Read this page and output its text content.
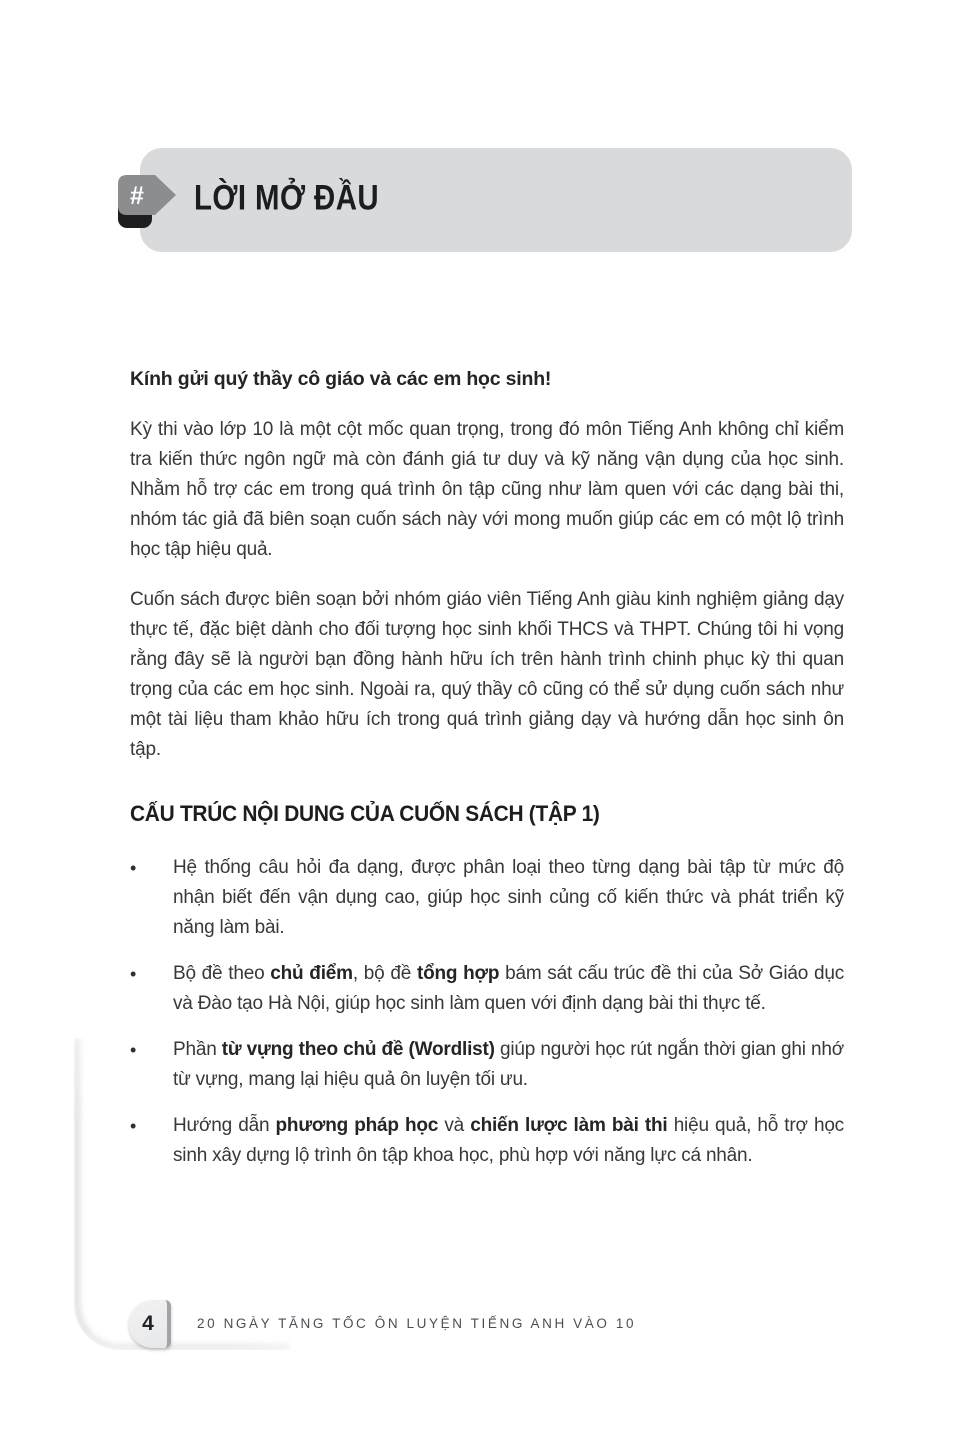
# LỜI MỞ ĐẦU
Kính gửi quý thầy cô giáo và các em học sinh!

Kỳ thi vào lớp 10 là một cột mốc quan trọng, trong đó môn Tiếng Anh không chỉ kiểm tra kiến thức ngôn ngữ mà còn đánh giá tư duy và kỹ năng vận dụng của học sinh. Nhằm hỗ trợ các em trong quá trình ôn tập cũng như làm quen với các dạng bài thi, nhóm tác giả đã biên soạn cuốn sách này với mong muốn giúp các em có một lộ trình học tập hiệu quả.

Cuốn sách được biên soạn bởi nhóm giáo viên Tiếng Anh giàu kinh nghiệm giảng dạy thực tế, đặc biệt dành cho đối tượng học sinh khối THCS và THPT. Chúng tôi hi vọng rằng đây sẽ là người bạn đồng hành hữu ích trên hành trình chinh phục kỳ thi quan trọng của các em học sinh. Ngoài ra, quý thầy cô cũng có thể sử dụng cuốn sách như một tài liệu tham khảo hữu ích trong quá trình giảng dạy và hướng dẫn học sinh ôn tập.

CẤU TRÚC NỘI DUNG CỦA CUỐN SÁCH (TẬP 1)
•	Hệ thống câu hỏi đa dạng, được phân loại theo từng dạng bài tập từ mức độ nhận biết đến vận dụng cao, giúp học sinh củng cố kiến thức và phát triển kỹ năng làm bài.
•	Bộ đề theo chủ điểm, bộ đề tổng hợp bám sát cấu trúc đề thi của Sở Giáo dục và Đào tạo Hà Nội, giúp học sinh làm quen với định dạng bài thi thực tế.
•	Phần từ vựng theo chủ đề (Wordlist) giúp người học rút ngắn thời gian ghi nhớ từ vựng, mang lại hiệu quả ôn luyện tối ưu.
•	Hướng dẫn phương pháp học và chiến lược làm bài thi hiệu quả, hỗ trợ học sinh xây dựng lộ trình ôn tập khoa học, phù hợp với năng lực cá nhân.
4	20 NGÀY TĂNG TỐC ÔN LUYỆN TIẾNG ANH VÀO 10
